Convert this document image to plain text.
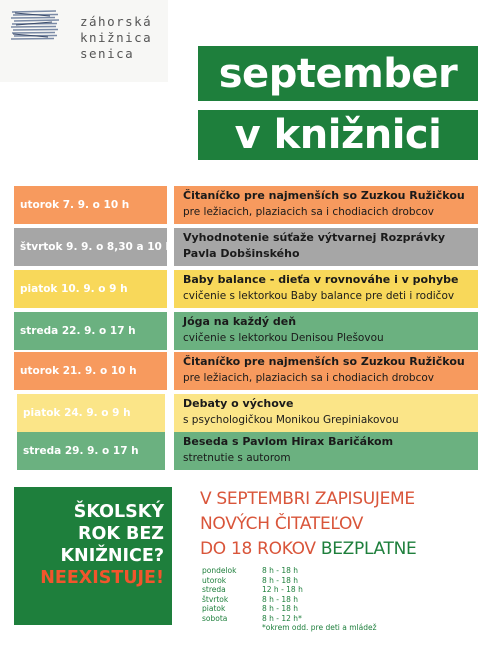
záhorská
knižnica
senica	september
v knižnici
utorok 7. 9. o 10 h
Čitaníčko pre najmenších so Zuzkou Ružičkou
pre ležiacich, plaziacich sa i chodiacich drobcov
štvrtok 9. 9. o 8,30 a 10 h
Vyhodnotenie súťaže výtvarnej Rozprávky
Pavla Dobšinského
piatok 10. 9. o 9 h
Baby balance - dieťa v rovnováhe i v pohybe
cvičenie s lektorkou Baby balance pre deti i rodičov
streda 22. 9. o 17 h
Jóga na každý deň
cvičenie s lektorkou Denisou Plešovou
utorok 21. 9. o 10 h
Čitaníčko pre najmenších so Zuzkou Ružičkou
pre ležiacich, plaziacich sa i chodiacich drobcov
piatok 24. 9. o 9 h
Debaty o výchove
s psychologičkou Monikou Grepiniakovou
streda 29. 9. o 17 h
Beseda s Pavlom Hirax Baričákom
stretnutie s autorom
ŠKOLSKÝ
ROK BEZ
KNIŽNICE?
NEEXISTUJE!
V SEPTEMBRI ZAPISUJEME
NOVÝCH ČITATEĽOV
DO 18 ROKOV BEZPLATNE
pondelok	8 h - 18 h
utorok	8 h - 18 h
streda	12 h - 18 h
štvrtok	8 h - 18 h
piatok	8 h - 18 h
sobota	8 h - 12 h*
*okrem odd. pre deti a mládež
